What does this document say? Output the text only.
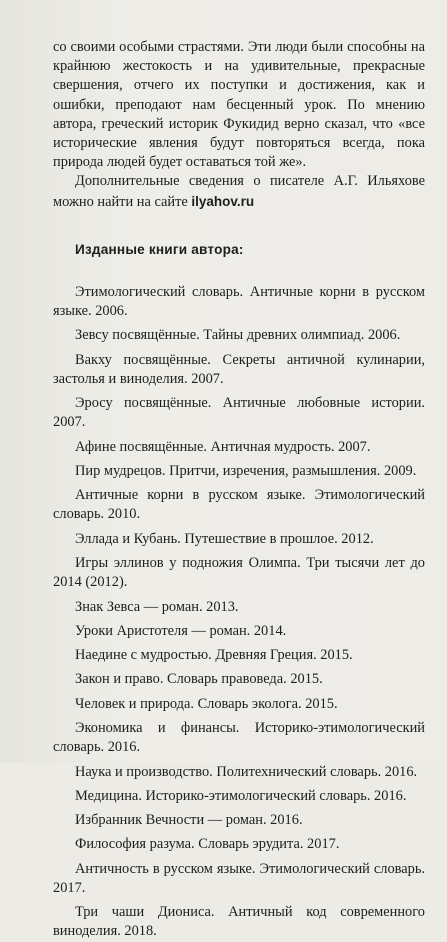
со своими особыми страстями. Эти люди были способны на крайнюю жестокость и на удивительные, прекрасные свершения, отчего их поступки и достижения, как и ошибки, преподают нам бесценный урок. По мнению автора, греческий историк Фукидид верно сказал, что «все исторические явления будут повторяться всегда, пока природа людей будет оставаться той же».

Дополнительные сведения о писателе А.Г. Ильяхове можно найти на сайте ilyahov.ru

Изданные книги автора:
Этимологический словарь. Античные корни в русском языке. 2006.
Зевсу посвящённые. Тайны древних олимпиад. 2006.
Вакху посвящённые. Секреты античной кулинарии, застолья и виноделия. 2007.
Эросу посвящённые. Античные любовные истории. 2007.
Афине посвящённые. Античная мудрость. 2007.
Пир мудрецов. Притчи, изречения, размышления. 2009.
Античные корни в русском языке. Этимологический словарь. 2010.
Эллада и Кубань. Путешествие в прошлое. 2012.
Игры эллинов у подножия Олимпа. Три тысячи лет до 2014 (2012).
Знак Зевса — роман. 2013.
Уроки Аристотеля — роман. 2014.
Наедине с мудростью. Древняя Греция. 2015.
Закон и право. Словарь правоведа. 2015.
Человек и природа. Словарь эколога. 2015.
Экономика и финансы. Историко-этимологический словарь. 2016.
Наука и производство. Политехнический словарь. 2016.
Медицина. Историко-этимологический словарь. 2016.
Избранник Вечности — роман. 2016.
Философия разума. Словарь эрудита. 2017.
Античность в русском языке. Этимологический словарь. 2017.
Три чаши Диониса. Античный код современного виноделия. 2018.
